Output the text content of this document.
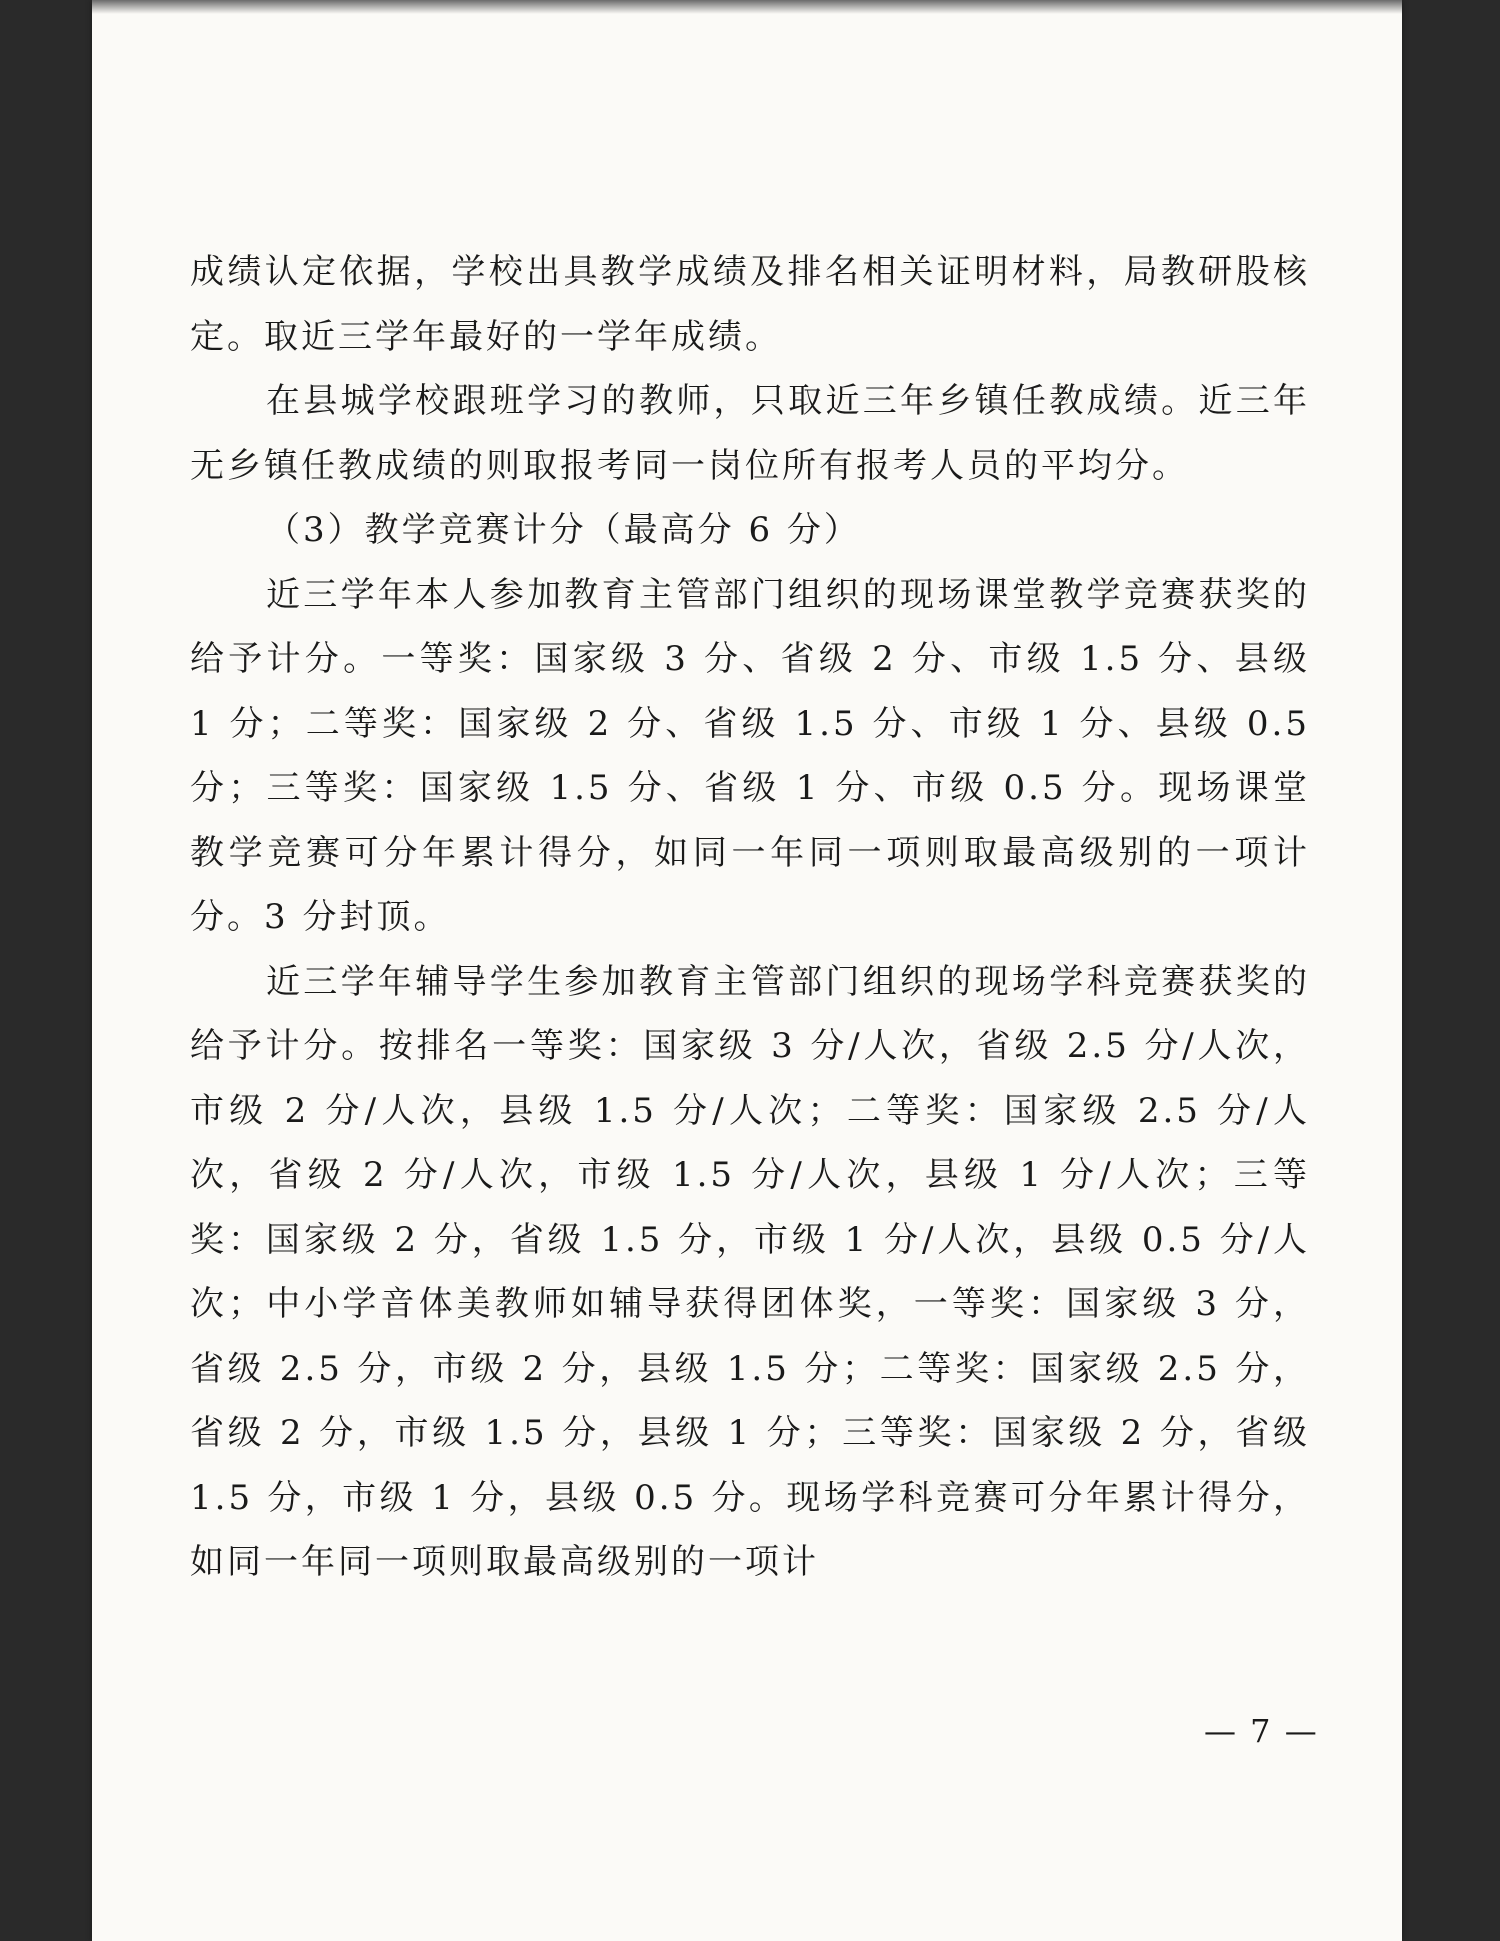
成绩认定依据，学校出具教学成绩及排名相关证明材料，局教研股核定。取近三学年最好的一学年成绩。

在县城学校跟班学习的教师，只取近三年乡镇任教成绩。近三年无乡镇任教成绩的则取报考同一岗位所有报考人员的平均分。

（3）教学竞赛计分（最高分 6 分）

近三学年本人参加教育主管部门组织的现场课堂教学竞赛获奖的给予计分。一等奖：国家级 3 分、省级 2 分、市级 1.5 分、县级 1 分；二等奖：国家级 2 分、省级 1.5 分、市级 1 分、县级 0.5 分；三等奖：国家级 1.5 分、省级 1 分、市级 0.5 分。现场课堂教学竞赛可分年累计得分，如同一年同一项则取最高级别的一项计分。3 分封顶。

近三学年辅导学生参加教育主管部门组织的现场学科竞赛获奖的给予计分。按排名一等奖：国家级 3 分/人次，省级 2.5 分/人次，市级 2 分/人次，县级 1.5 分/人次；二等奖：国家级 2.5 分/人次，省级 2 分/人次，市级 1.5 分/人次，县级 1 分/人次；三等奖：国家级 2 分，省级 1.5 分，市级 1 分/人次，县级 0.5 分/人次；中小学音体美教师如辅导获得团体奖，一等奖：国家级 3 分，省级 2.5 分，市级 2 分，县级 1.5 分；二等奖：国家级 2.5 分，省级 2 分，市级 1.5 分，县级 1 分；三等奖：国家级 2 分，省级 1.5 分，市级 1 分，县级 0.5 分。现场学科竞赛可分年累计得分，如同一年同一项则取最高级别的一项计

— 7 —
